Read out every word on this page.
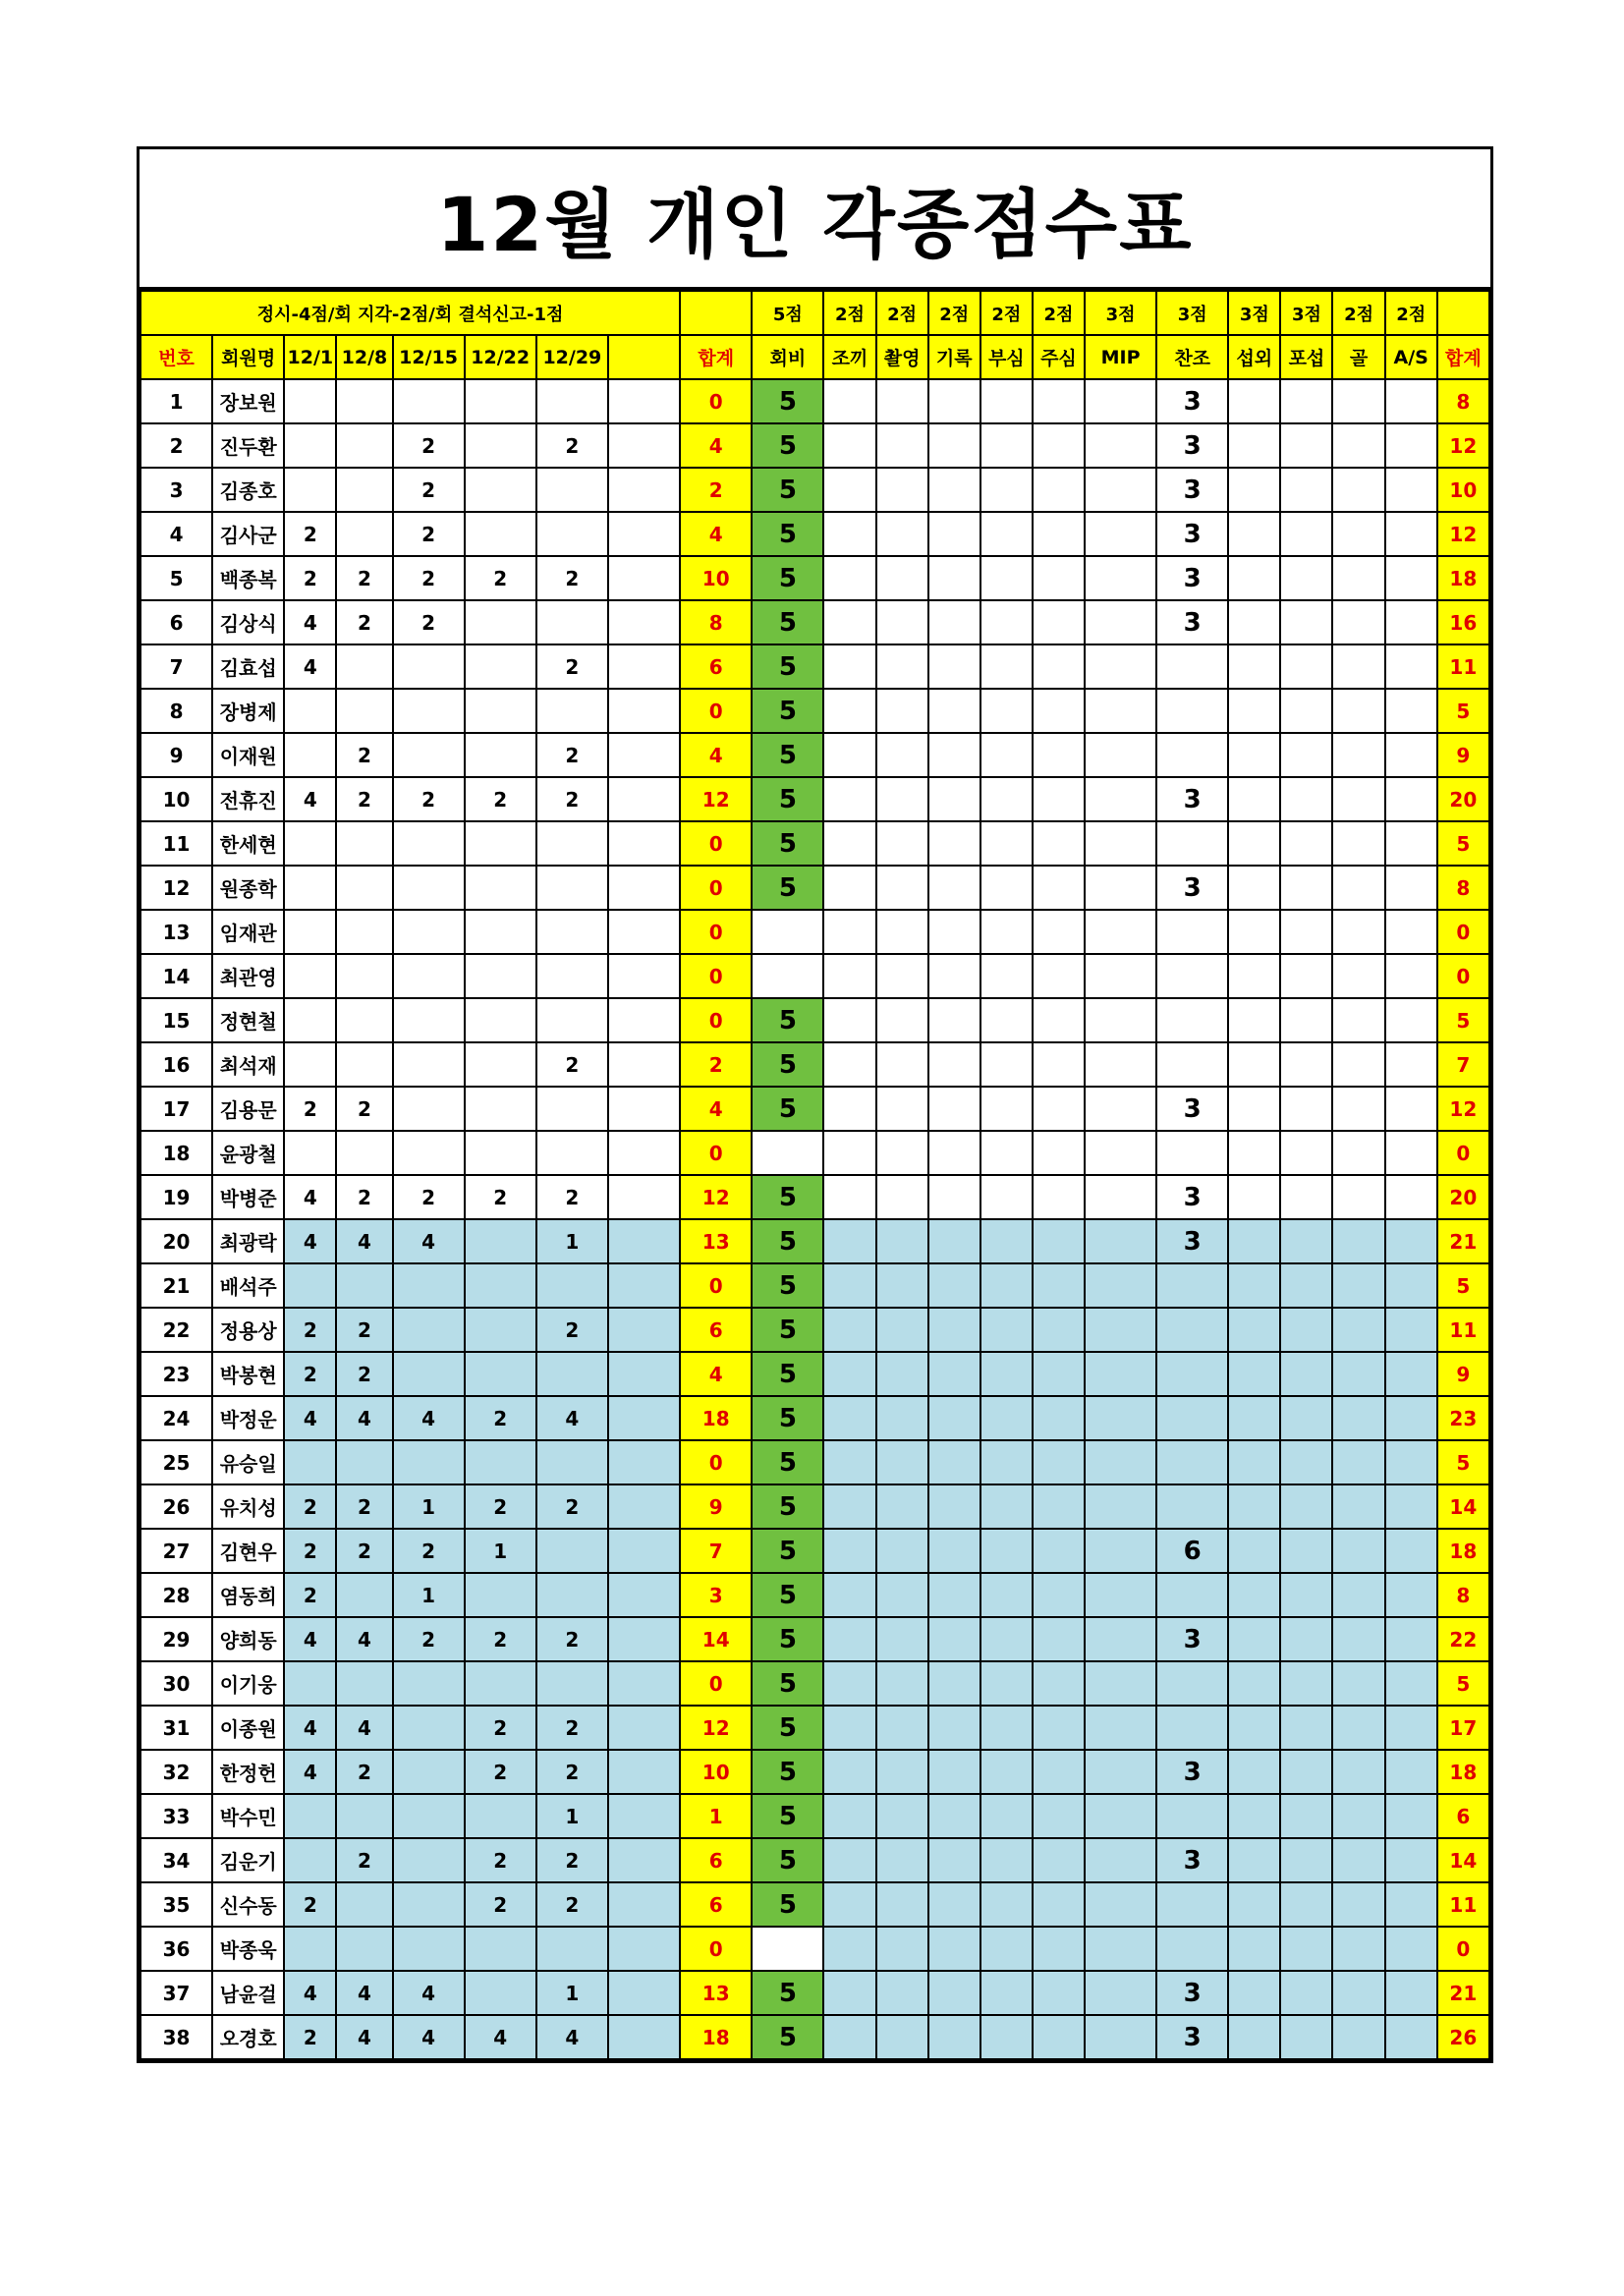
12월 개인 각종점수표
정시-4점/회 지각-2점/회 결석신고-1점									5점	2점	2점	2점	2점	2점	3점	3점	3점	3점	2점	2점	
번호	회원명	12/1	12/8	12/15	12/22	12/29		합계	회비	조끼	촬영	기록	부심	주심	MIP	찬조	섭외	포섭	골	A/S	합계
1	장보원							0	5							3					8
2	진두환			2		2		4	5							3					12
3	김종호			2				2	5							3					10
4	김사군	2		2				4	5							3					12
5	백종복	2	2	2	2	2		10	5							3					18
6	김상식	4	2	2				8	5							3					16
7	김효섭	4				2		6	5												11
8	장병제							0	5												5
9	이재원		2			2		4	5												9
10	전휴진	4	2	2	2	2		12	5							3					20
11	한세현							0	5												5
12	원종학							0	5							3					8
13	임재관							0													0
14	최관영							0													0
15	정현철							0	5												5
16	최석재					2		2	5												7
17	김용문	2	2					4	5							3					12
18	윤광철							0													0
19	박병준	4	2	2	2	2		12	5							3					20
20	최광락	4	4	4		1		13	5							3					21
21	배석주							0	5												5
22	정용상	2	2			2		6	5												11
23	박봉현	2	2					4	5												9
24	박정운	4	4	4	2	4		18	5												23
25	유승일							0	5												5
26	유치성	2	2	1	2	2		9	5												14
27	김현우	2	2	2	1			7	5							6					18
28	염동희	2		1				3	5												8
29	양희동	4	4	2	2	2		14	5							3					22
30	이기웅							0	5												5
31	이종원	4	4		2	2		12	5												17
32	한정헌	4	2		2	2		10	5							3					18
33	박수민					1		1	5												6
34	김운기		2		2	2		6	5							3					14
35	신수동	2			2	2		6	5												11
36	박종욱							0													0
37	남윤걸	4	4	4		1		13	5							3					21
38	오경호	2	4	4	4	4		18	5							3					26
